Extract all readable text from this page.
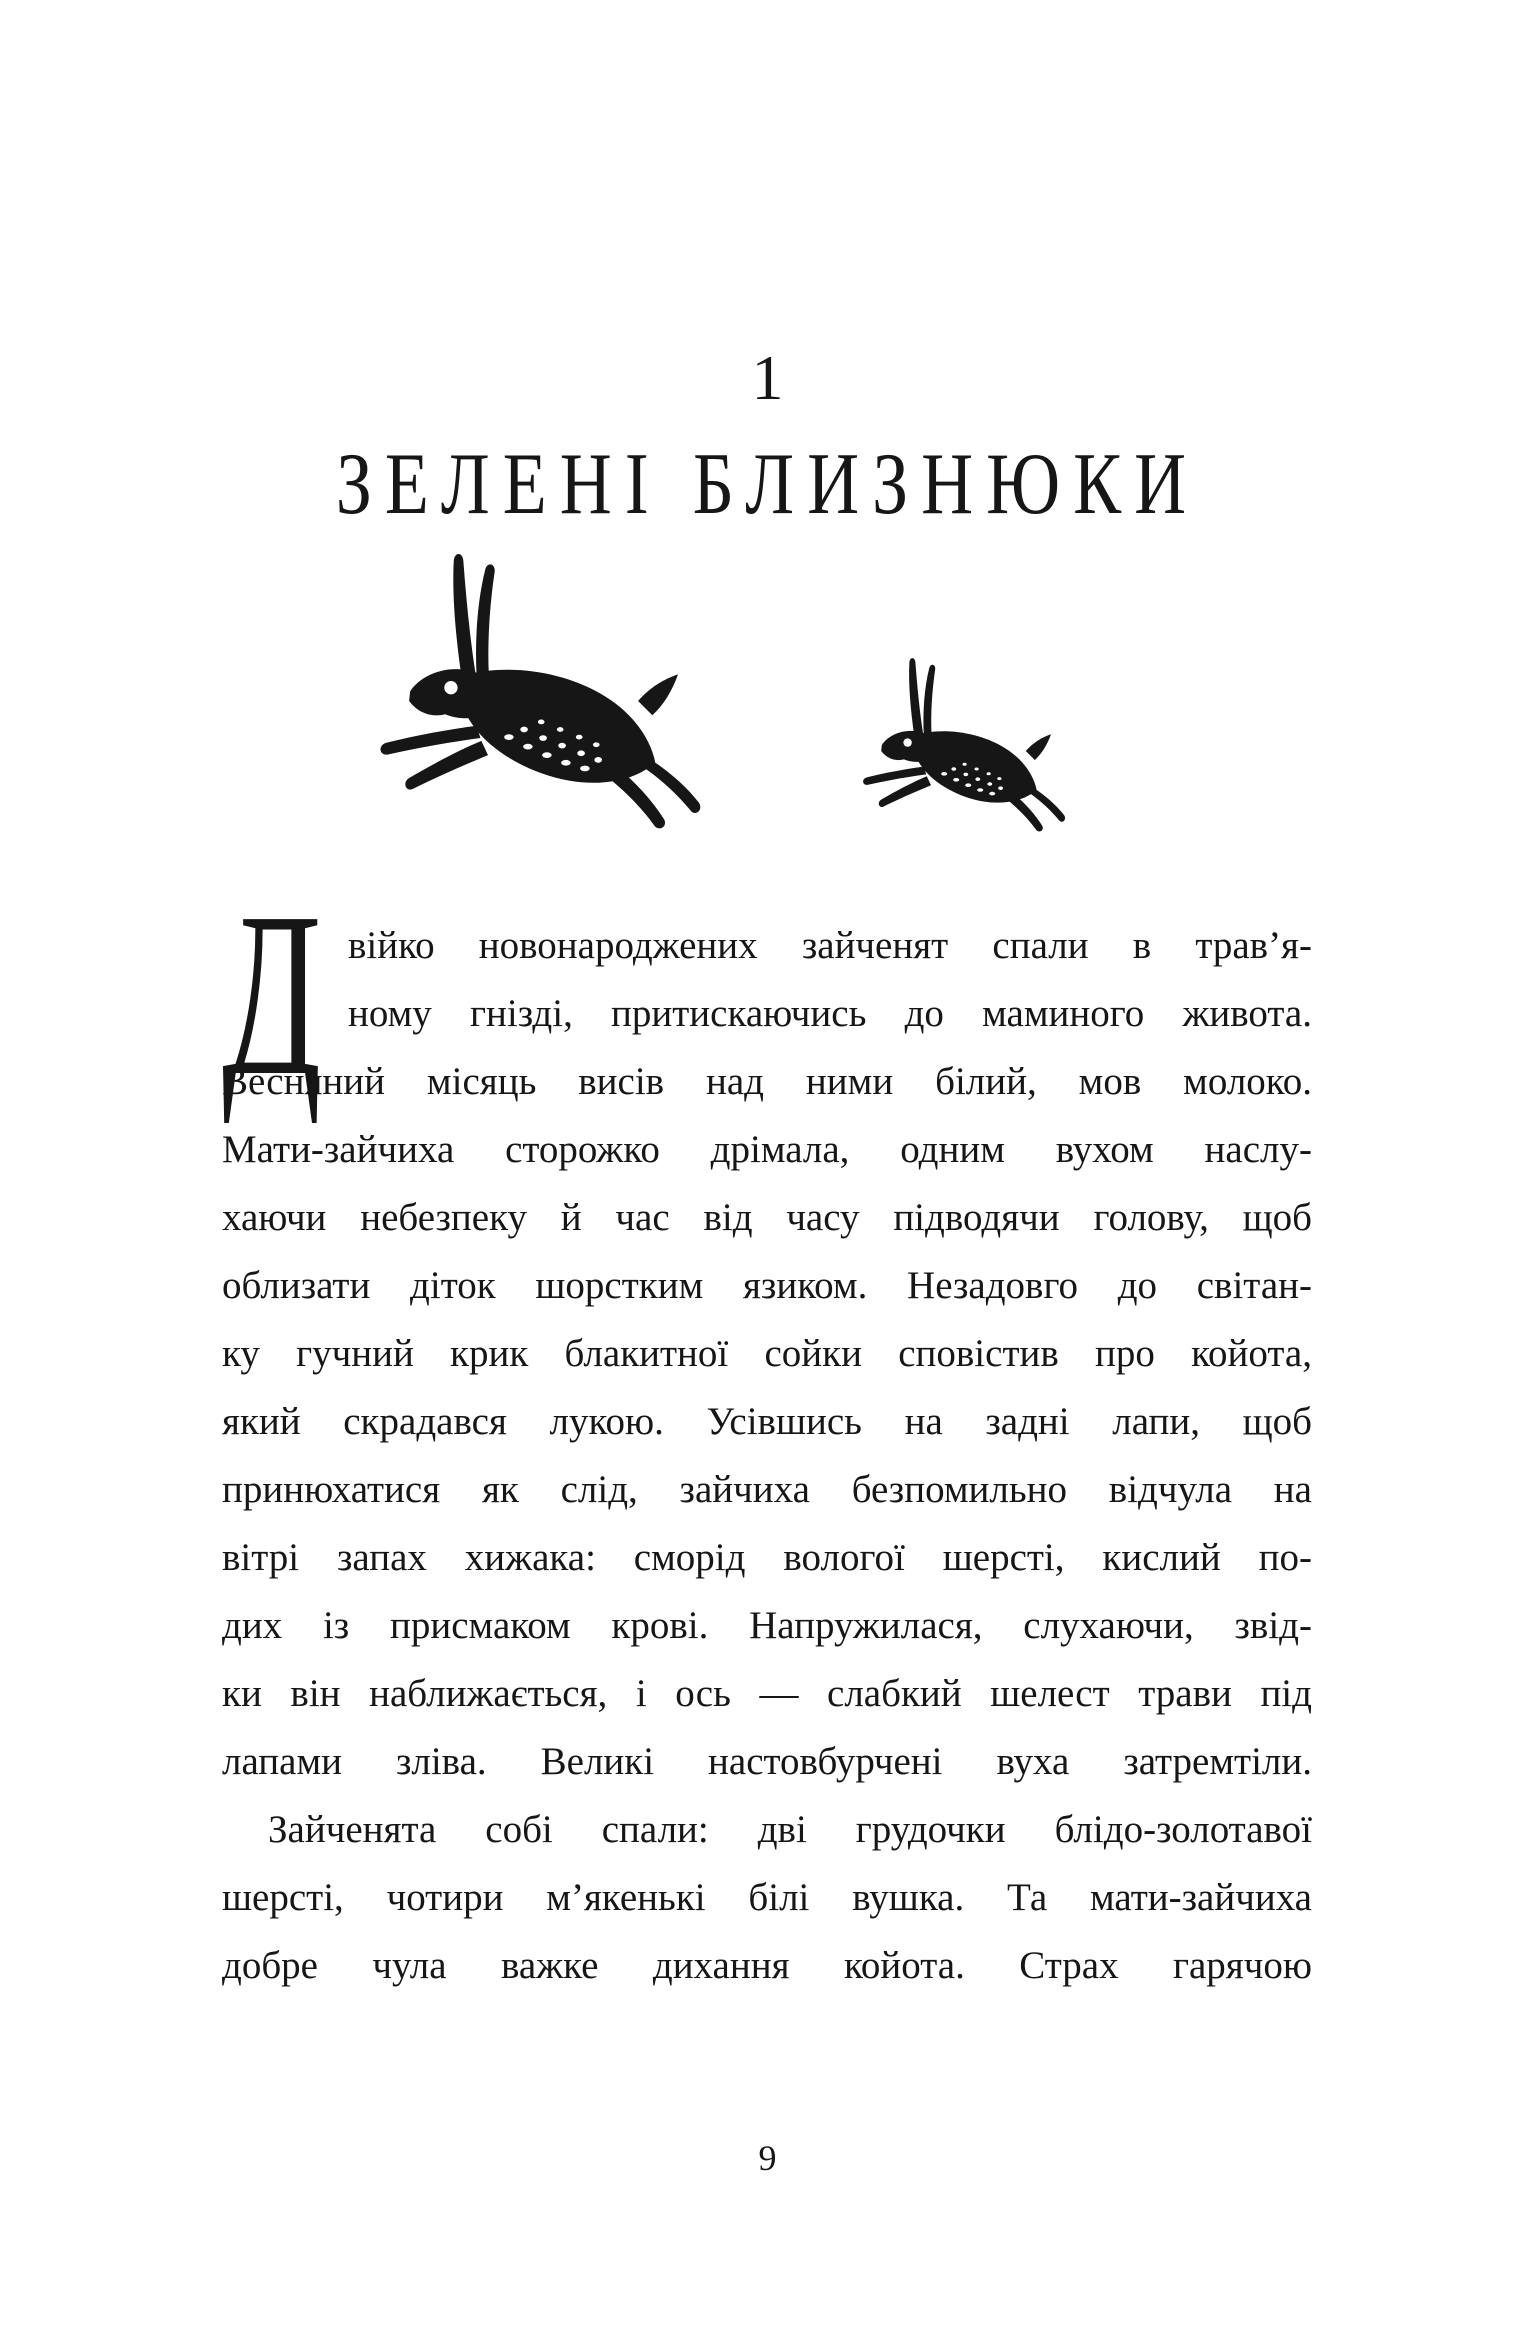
1
ЗЕЛЕНІ БЛИЗНЮКИ
Д війко новонароджених зайченят спали в трав’я-
ному гнізді, притискаючись до маминого живота.
Весняний місяць висів над ними білий, мов молоко.
Мати-зайчиха сторожко дрімала, одним вухом наслу-
хаючи небезпеку й час від часу підводячи голову, щоб
облизати діток шорстким язиком. Незадовго до світан-
ку гучний крик блакитної сойки сповістив про койота,
який скрадався лукою. Усівшись на задні лапи, щоб
принюхатися як слід, зайчиха безпомильно відчула на
вітрі запах хижака: сморід вологої шерсті, кислий по-
дих із присмаком крові. Напружилася, слухаючи, звід-
ки він наближається, і ось — слабкий шелест трави під
лапами зліва. Великі настовбурчені вуха затремтіли.
Зайченята собі спали: дві грудочки блідо-золотавої
шерсті, чотири м’якенькі білі вушка. Та мати-зайчиха
добре чула важке дихання койота. Страх гарячою
9
